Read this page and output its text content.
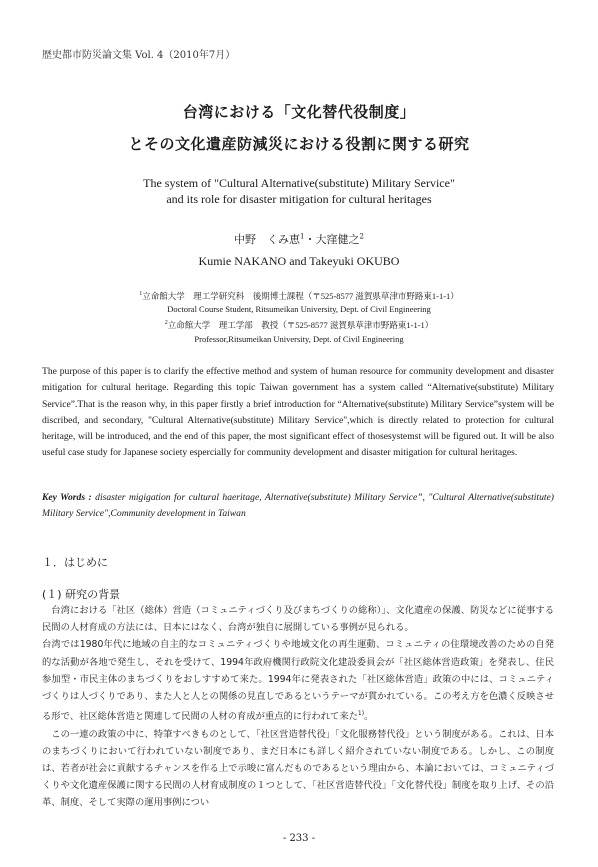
歴史都市防災論文集 Vol. 4（2010年7月）
台湾における「文化替代役制度」
とその文化遺産防減災における役割に関する研究
The system of "Cultural Alternative(substitute) Military Service"
and its role for disaster mitigation for cultural heritages
中野　くみ恵$^1$・大窪健之$^2$
Kumie NAKANO and Takeyuki OKUBO
$^1$立命館大学　理工学研究科　後期博士課程（〒525-8577 滋賀県草津市野路東1-1-1）
Doctoral Course Student, Ritsumeikan University, Dept. of Civil Engineering
$^2$立命館大学　理工学部　教授（〒525-8577 滋賀県草津市野路東1-1-1）
Professor,Ritsumeikan University, Dept. of Civil Engineering
The purpose of this paper is to clarify the effective method and system of human resource for community development and disaster mitigation for cultural heritage. Regarding this topic Taiwan government has a system called “Alternative(substitute) Military Service”.That is the reason why, in this paper firstly a brief introduction for “Alternative(substitute) Military Service”system will be discribed, and secondary, "Cultural Alternative(substitute) Military Service",which is directly related to protection for cultural heritage, will be introduced, and the end of this paper, the most significant effect of thosesystemst will be figured out. It will be also useful case study for Japanese society espercially for community development and disaster mitigation for cultural heritages.
Key Words : disaster migigation for cultural haeritage, Alternative(substitute) Military Service”, "Cultural Alternative(substitute) Military Service",Community development in Taiwan
１．はじめに
(１) 研究の背景

台湾における「社区（総体）営造（コミュニティづくり及びまちづくりの総称）」、文化遺産の保護、防災などに従事する民間の人材育成の方法には、日本にはなく、台湾が独自に展開している事例が見られる。

台湾では1980年代に地域の自主的なコミュニティづくりや地域文化の再生運動、コミュニティの住環境改善のための自発的な活動が各地で発生し、それを受けて、1994年政府機関行政院文化建設委員会が「社区総体営造政策」を発表し、住民参加型・市民主体のまちづくりをおしすすめて来た。1994年に発表された「社区総体営造」政策の中には、コミュニティづくりは人づくりであり、また人と人との関係の見直しであるというテーマが貫かれている。この考え方を色濃く反映させる形で、社区総体営造と関連して民間の人材の育成が重点的に行われて来た$^{1)}$。

この一連の政策の中に、特筆すべきものとして、「社区営造替代役」「文化服務替代役」という制度がある。これは、日本のまちづくりにおいて行われていない制度であり、まだ日本にも詳しく紹介されていない制度である。しかし、この制度は、若者が社会に貢献するチャンスを作る上で示唆に富んだものであるという理由から、本論においては、コミュニティづくりや文化遺産保護に関する民間の人材育成制度の１つとして、「社区営造替代役」「文化替代役」制度を取り上げ、その沿革、制度、そして実際の運用事例につい

- 233 -
